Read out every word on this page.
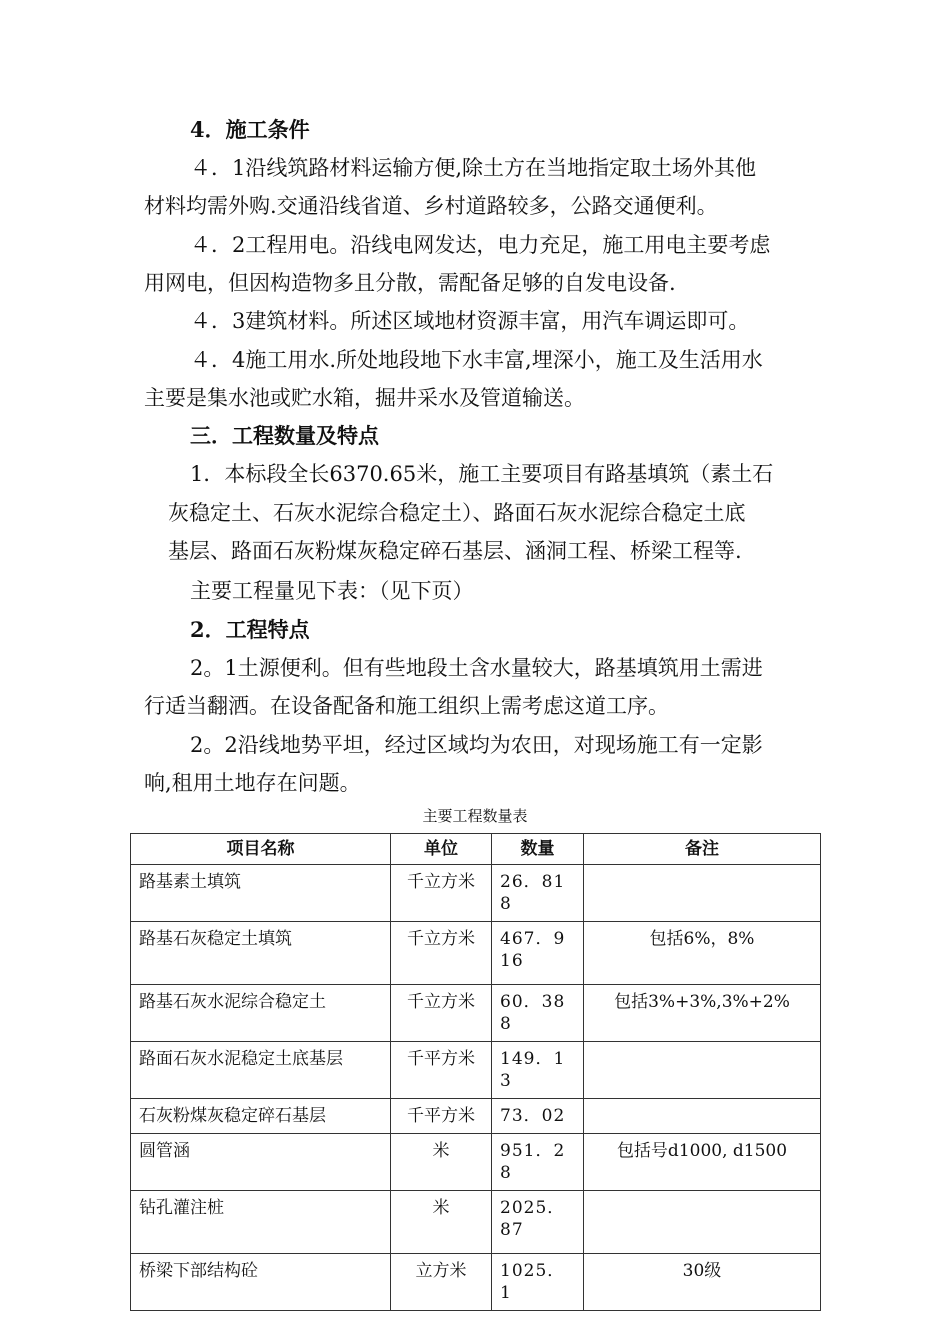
4．施工条件
４．1沿线筑路材料运输方便,除土方在当地指定取土场外其他
材料均需外购.交通沿线省道、乡村道路较多，公路交通便利。
４．2工程用电。沿线电网发达，电力充足，施工用电主要考虑
用网电，但因构造物多且分散，需配备足够的自发电设备.
４．3建筑材料。所述区域地材资源丰富，用汽车调运即可。
４．4施工用水.所处地段地下水丰富,埋深小，施工及生活用水
主要是集水池或贮水箱，掘井采水及管道输送。
三．工程数量及特点
1．本标段全长6370.65米，施工主要项目有路基填筑（素土石
灰稳定土、石灰水泥综合稳定土）、路面石灰水泥综合稳定土底
基层、路面石灰粉煤灰稳定碎石基层、涵洞工程、桥梁工程等.
主要工程量见下表：（见下页）
2．工程特点
2。1土源便利。但有些地段土含水量较大，路基填筑用土需进
行适当翻洒。在设备配备和施工组织上需考虑这道工序。
2。2沿线地势平坦，经过区域均为农田，对现场施工有一定影
响,租用土地存在问题。
主要工程数量表
项目名称	单位	数量	备注
路基素土填筑	千立方米	26．818	
路基石灰稳定土填筑	千立方米	467．916	包括6%，8%
路基石灰水泥综合稳定土	千立方米	60．388	包括3%+3%,3%+2%
路面石灰水泥稳定土底基层	千平方米	149．13	
石灰粉煤灰稳定碎石基层	千平方米	73．02	
圆管涵	米	951．28	包括号d1000, d1500
钻孔灌注桩	米	2025．87	
桥梁下部结构砼	立方米	1025．1	30级
